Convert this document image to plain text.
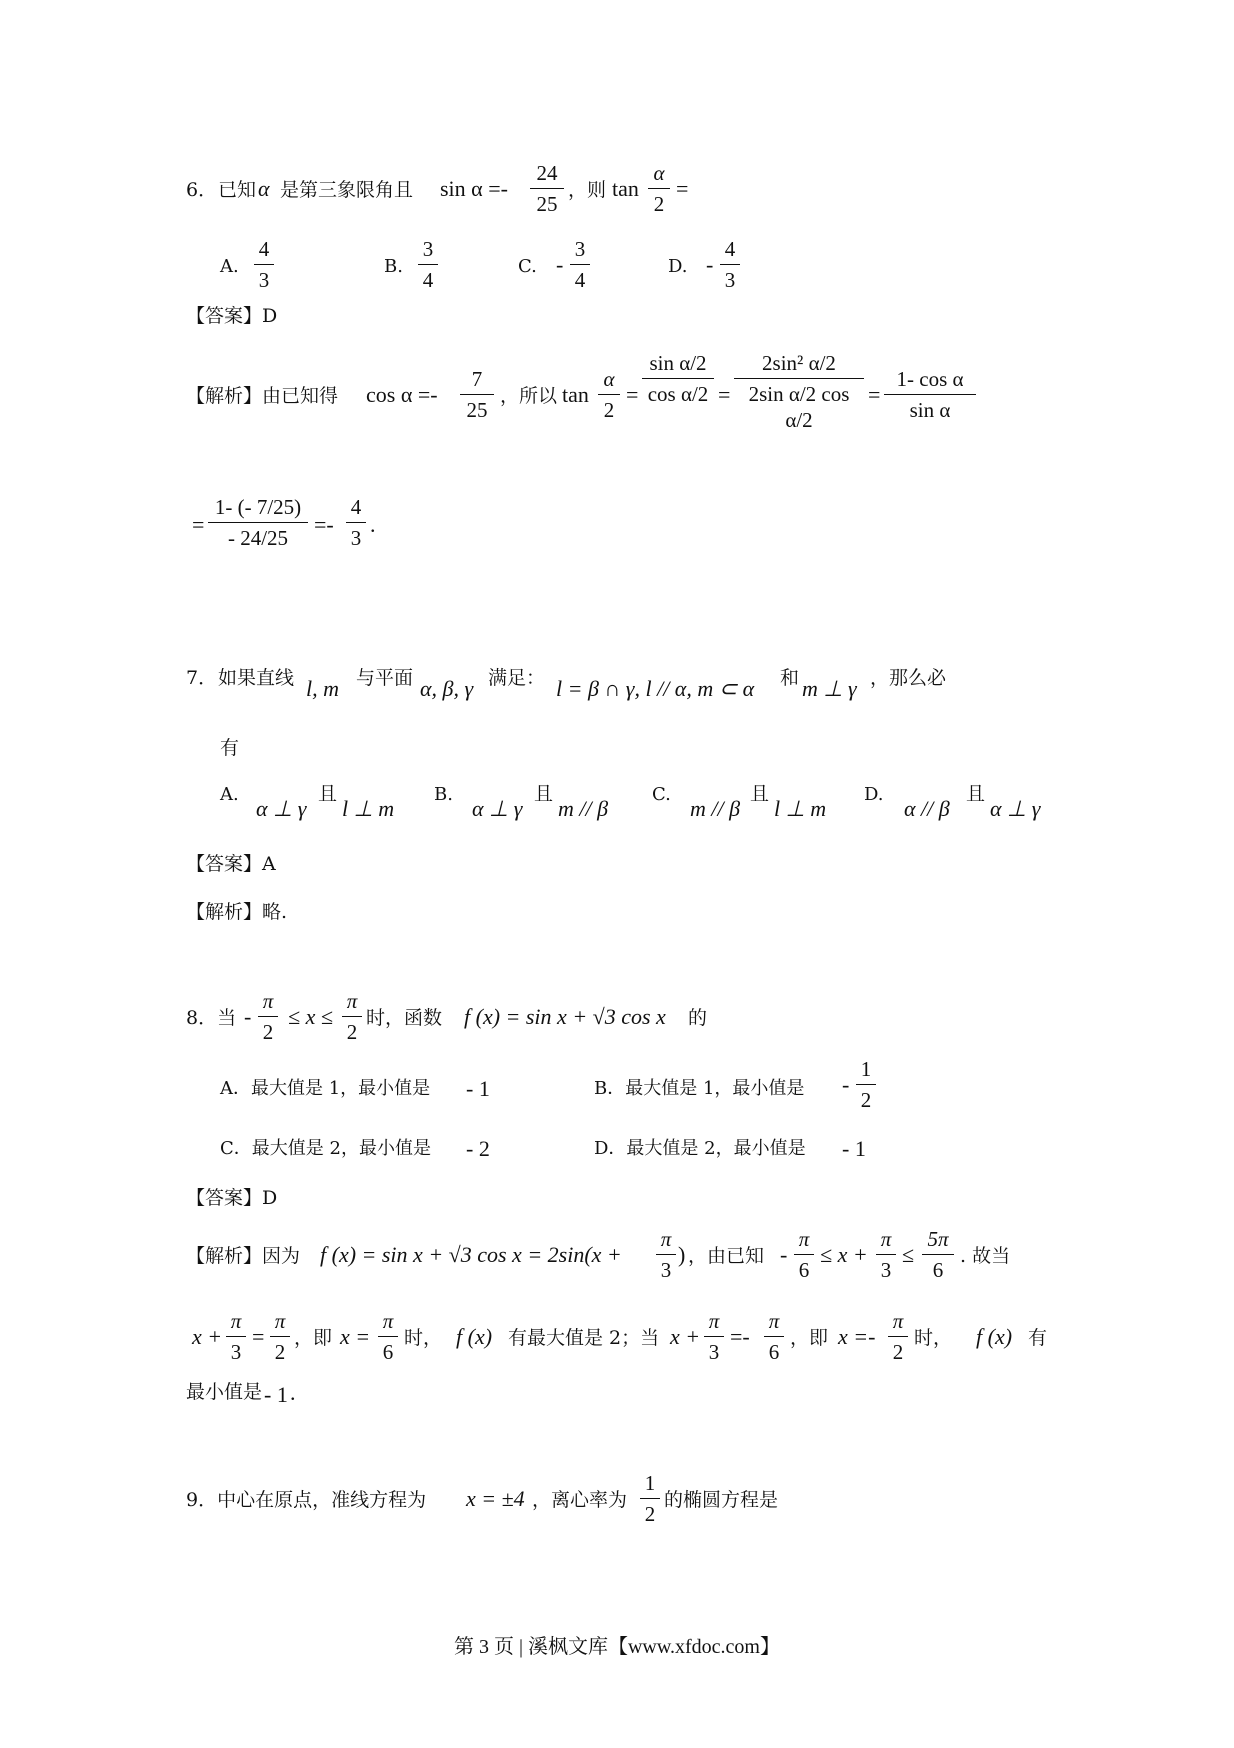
6． 已知 α 是第三象限角且 sin α =-
24
25
，则 tan
α
2
=
A.
4
3
B.
3
4
C. -
3
4
D. -
4
3
【答案】D
【解析】由已知得 cos α =-
7
25
，所以 tan
α
2
=
sin α/2
cos α/2 =
2sin² α/2
2sin α/2 cos α/2
=
1- cos α
sin α
=
1- (- 7/25)
- 24/25
=-
4
3
.
7． 如果直线 l, m 与平面 α, β, γ 满足： l = β ∩ γ, l // α, m ⊂ α 和 m ⊥ γ ，那么必
有
A.
α ⊥ γ
且
l ⊥ m
B.
α ⊥ γ
且
m // β
C.
m // β
且
l ⊥ m
D.
α // β
且
α ⊥ γ
【答案】A
【解析】略.
8．当 -
π
2
≤ x ≤
π
2
时，函数 f (x) = sin x + √3 cos x 的
A．最大值是 1，最小值是 - 1	B．最大值是 1，最小值是 -
1
2
C．最大值是 2，最小值是 - 2	D．最大值是 2，最小值是 - 1
【答案】D
【解析】因为 f (x) = sin x + √3 cos x = 2sin(x +
π
3
) ，由已知 -
π
6
≤ x +
π
3
≤
5π
6
. 故当
x +
π
3
=
π
2
，即 x =
π
6
时， f (x) 有最大值是 2；当 x +
π
3
=-
π
6
，即 x =-
π
2
时， f (x) 有
最小值是 - 1 .
9．中心在原点，准线方程为 x = ±4 ，离心率为
1
2
的椭圆方程是
第 3 页 | 溪枫文库【www.xfdoc.com】
